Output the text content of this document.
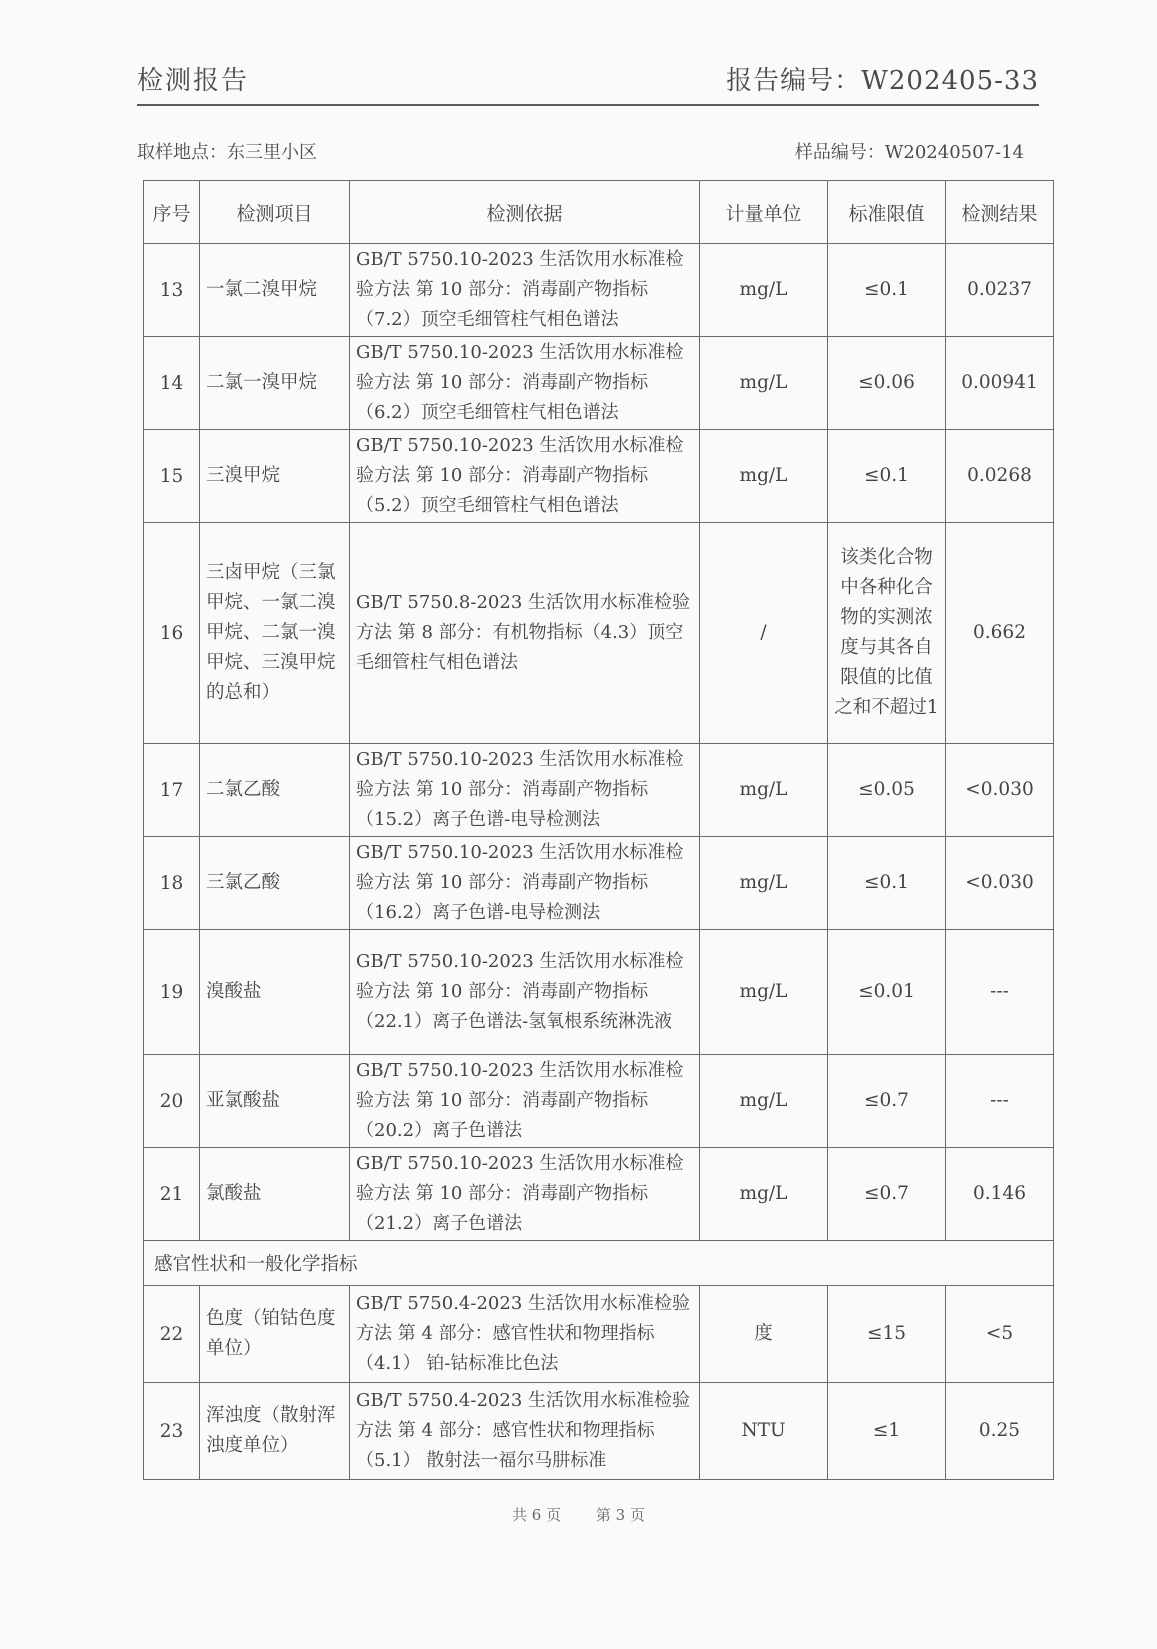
检测报告	报告编号：W202405-33
取样地点：东三里小区	样品编号：W20240507-14
序号	检测项目	检测依据	计量单位	标准限值	检测结果
13	一氯二溴甲烷	GB/T 5750.10-2023 生活饮用水标准检验方法 第 10 部分：消毒副产物指标（7.2）顶空毛细管柱气相色谱法	mg/L	≤0.1	0.0237
14	二氯一溴甲烷	GB/T 5750.10-2023 生活饮用水标准检验方法 第 10 部分：消毒副产物指标（6.2）顶空毛细管柱气相色谱法	mg/L	≤0.06	0.00941
15	三溴甲烷	GB/T 5750.10-2023 生活饮用水标准检验方法 第 10 部分：消毒副产物指标（5.2）顶空毛细管柱气相色谱法	mg/L	≤0.1	0.0268
16	三卤甲烷（三氯甲烷、一氯二溴甲烷、二氯一溴甲烷、三溴甲烷的总和）	GB/T 5750.8-2023 生活饮用水标准检验方法 第 8 部分：有机物指标（4.3）顶空毛细管柱气相色谱法	/	该类化合物中各种化合物的实测浓度与其各自限值的比值之和不超过1	0.662
17	二氯乙酸	GB/T 5750.10-2023 生活饮用水标准检验方法 第 10 部分：消毒副产物指标（15.2）离子色谱-电导检测法	mg/L	≤0.05	<0.030
18	三氯乙酸	GB/T 5750.10-2023 生活饮用水标准检验方法 第 10 部分：消毒副产物指标（16.2）离子色谱-电导检测法	mg/L	≤0.1	<0.030
19	溴酸盐	GB/T 5750.10-2023 生活饮用水标准检验方法 第 10 部分：消毒副产物指标（22.1）离子色谱法-氢氧根系统淋洗液	mg/L	≤0.01	---
20	亚氯酸盐	GB/T 5750.10-2023 生活饮用水标准检验方法 第 10 部分：消毒副产物指标（20.2）离子色谱法	mg/L	≤0.7	---
21	氯酸盐	GB/T 5750.10-2023 生活饮用水标准检验方法 第 10 部分：消毒副产物指标（21.2）离子色谱法	mg/L	≤0.7	0.146
感官性状和一般化学指标					
22	色度（铂钴色度单位）	GB/T 5750.4-2023 生活饮用水标准检验方法 第 4 部分：感官性状和物理指标（4.1） 铂-钴标准比色法	度	≤15	<5
23	浑浊度（散射浑浊度单位）	GB/T 5750.4-2023 生活饮用水标准检验方法 第 4 部分：感官性状和物理指标（5.1） 散射法一福尔马肼标准	NTU	≤1	0.25
共 6 页 第 3 页
